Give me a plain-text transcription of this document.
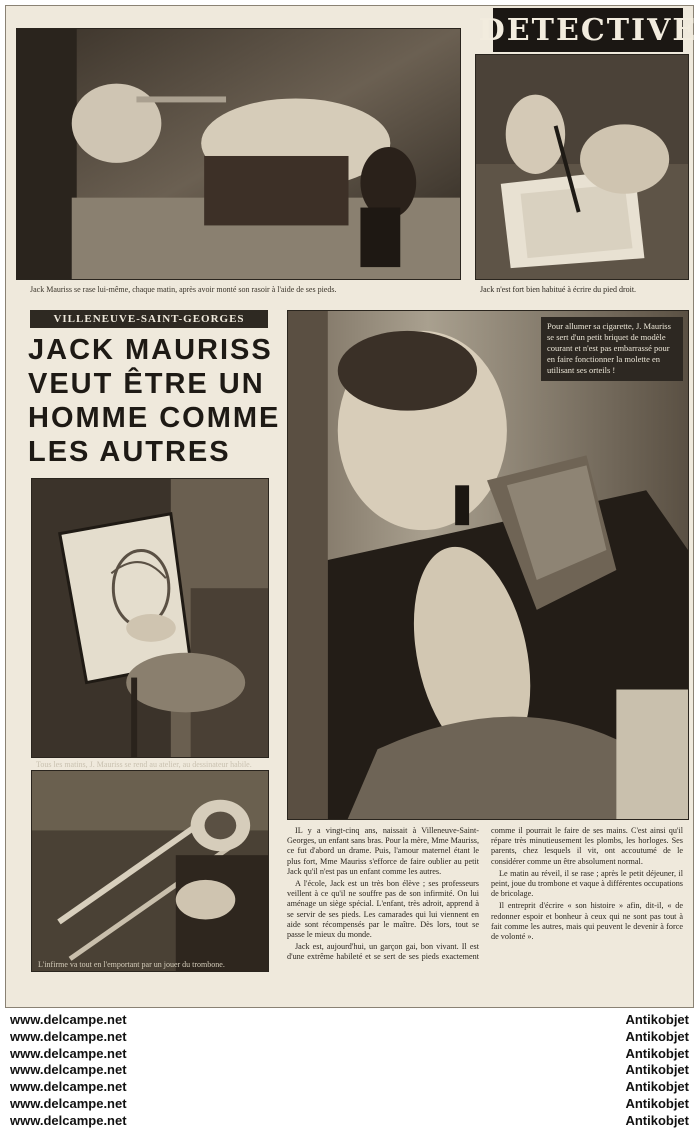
DETECTIVE
Jack Mauriss se rase lui-même, chaque matin, après avoir monté son rasoir à l'aide de ses pieds.	Jack n'est fort bien habitué à écrire du pied droit.
VILLENEUVE-SAINT-GEORGES
JACK MAURISS
VEUT ÊTRE UN
HOMME COMME
LES AUTRES
Tous les matins, J. Mauriss se rend au atelier, au dessinateur habile.
L'infirme va tout en l'emportant par un jouer du trombone.
Pour allumer sa cigarette, J. Mauriss se sert d'un petit briquet de modèle courant et n'est pas embarrassé pour en faire fonctionner la molette en utilisant ses orteils !

IL y a vingt-cinq ans, naissait à Villeneuve-Saint-Georges, un enfant sans bras. Pour la mère, Mme Mauriss, ce fut d'abord un drame. Puis, l'amour maternel étant le plus fort, Mme Mauriss s'efforce de faire oublier au petit Jack qu'il n'est pas un enfant comme les autres.

A l'école, Jack est un très bon élève ; ses professeurs veillent à ce qu'il ne souffre pas de son infirmité. On lui aménage un siège spécial. L'enfant, très adroit, apprend à se servir de ses pieds. Les camarades qui lui viennent en aide sont récompensés par le maître. Dès lors, tout se passe le mieux du monde.

Jack est, aujourd'hui, un garçon gai, bon vivant. Il est d'une extrême habileté et se sert de ses pieds exactement comme il pourrait le faire de ses mains. C'est ainsi qu'il répare très minutieusement les plombs, les horloges. Ses parents, chez lesquels il vit, ont accoutumé de le considérer comme un être absolument normal.

Le matin au réveil, il se rase ; après le petit déjeuner, il peint, joue du trombone et vaque à différentes occupations de bricolage.

Il entreprit d'écrire « son histoire » afin, dit-il, « de redonner espoir et bonheur à ceux qui ne sont pas tout à fait comme les autres, mais qui peuvent le devenir à force de volonté ».

www.delcampe.net
www.delcampe.net
www.delcampe.net
www.delcampe.net
www.delcampe.net
www.delcampe.net
www.delcampe.net
Antikobjet
Antikobjet
Antikobjet
Antikobjet
Antikobjet
Antikobjet
Antikobjet
